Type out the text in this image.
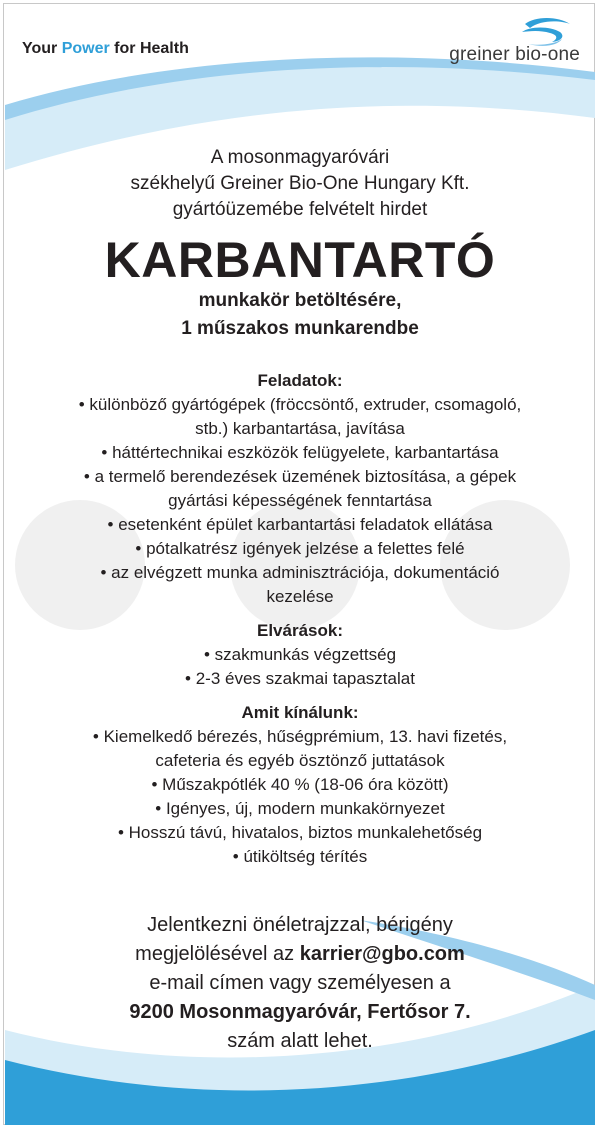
Your Power for Health	greiner bio-one

A mosonmagyaróvári
székhelyű Greiner Bio-One Hungary Kft.
gyártóüzemébe felvételt hirdet

KARBANTARTÓ

munkakör betöltésére,
1 műszakos munkarendbe

Feladatok:

• különböző gyártógépek (fröccsöntő, extruder, csomagoló,
stb.) karbantartása, javítása
• háttértechnikai eszközök felügyelete, karbantartása
• a termelő berendezések üzemének biztosítása, a gépek
gyártási képességének fenntartása
• esetenként épület karbantartási feladatok ellátása
• pótalkatrész igények jelzése a felettes felé
• az elvégzett munka adminisztrációja, dokumentáció
kezelése

Elvárások:

• szakmunkás végzettség
• 2-3 éves szakmai tapasztalat

Amit kínálunk:

• Kiemelkedő bérezés, hűségprémium, 13. havi fizetés,
cafeteria és egyéb ösztönző juttatások
• Műszakpótlék 40 % (18-06 óra között)
• Igényes, új, modern munkakörnyezet
• Hosszú távú, hivatalos, biztos munkalehetőség
• útiköltség térítés

Jelentkezni önéletrajzzal, bérigény
megjelölésével az karrier@gbo.com
e-mail címen vagy személyesen a
9200 Mosonmagyaróvár, Fertősor 7.
szám alatt lehet.
